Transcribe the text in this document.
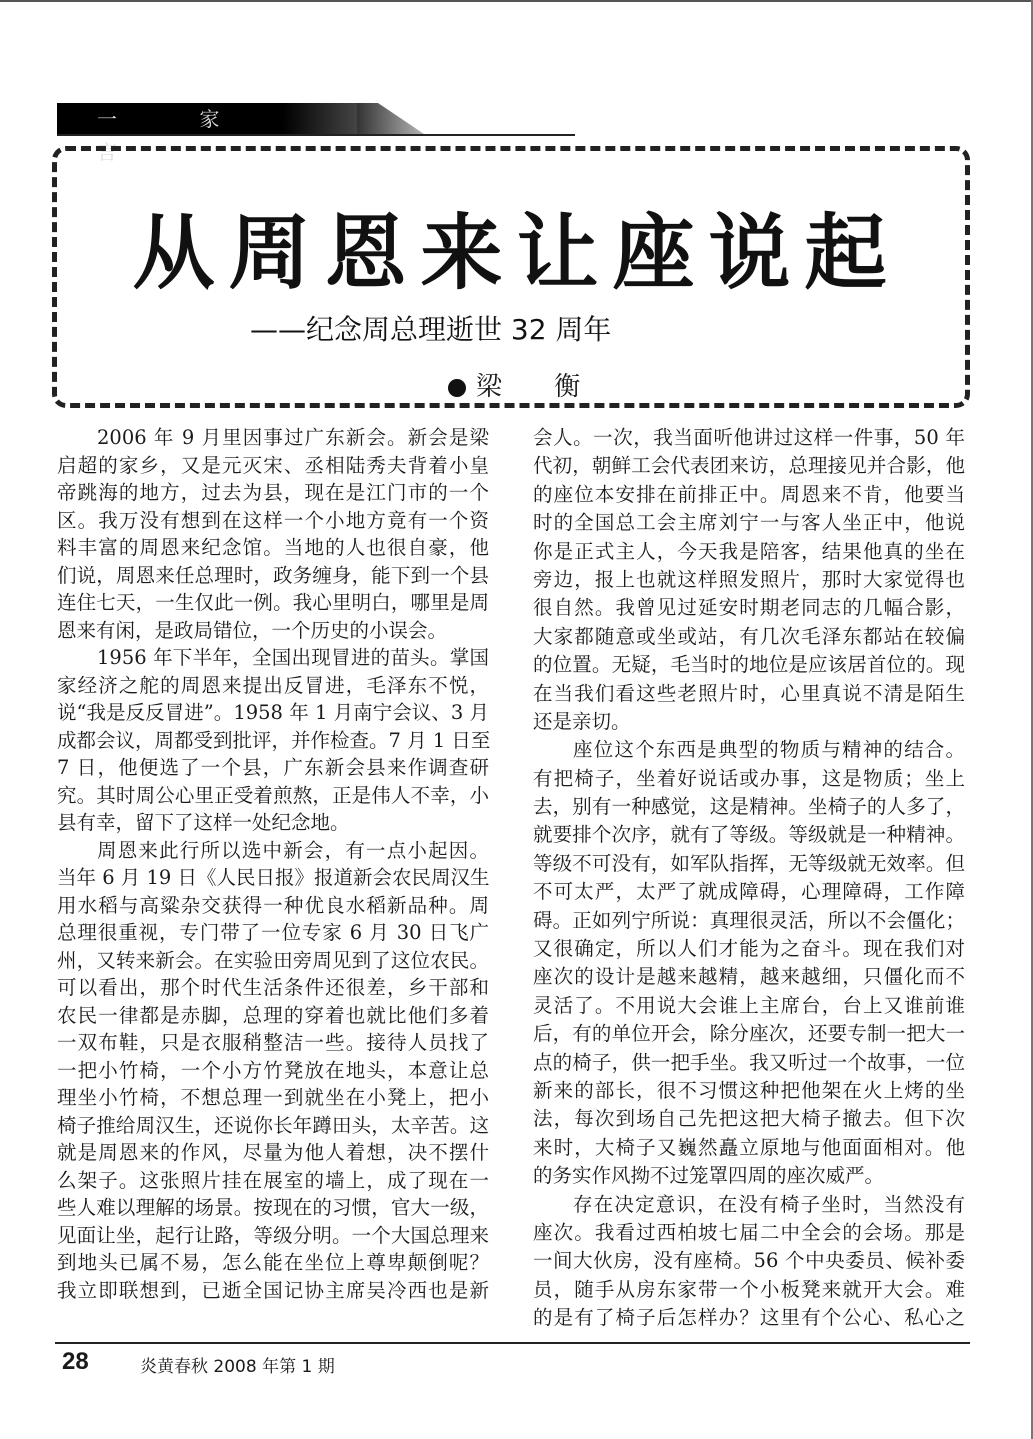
一 家 言
从周恩来让座说起
——纪念周总理逝世 32 周年
梁 衡
2006 年 9 月里因事过广东新会。新会是梁
启超的家乡，又是元灭宋、丞相陆秀夫背着小皇
帝跳海的地方，过去为县，现在是江门市的一个
区。我万没有想到在这样一个小地方竟有一个资
料丰富的周恩来纪念馆。当地的人也很自豪，他
们说，周恩来任总理时，政务缠身，能下到一个县
连住七天，一生仅此一例。我心里明白，哪里是周
恩来有闲，是政局错位，一个历史的小误会。
1956 年下半年，全国出现冒进的苗头。掌国
家经济之舵的周恩来提出反冒进，毛泽东不悦，
说“我是反反冒进”。1958 年 1 月南宁会议、3 月
成都会议，周都受到批评，并作检查。7 月 1 日至
7 日，他便选了一个县，广东新会县来作调查研
究。其时周公心里正受着煎熬，正是伟人不幸，小
县有幸，留下了这样一处纪念地。
周恩来此行所以选中新会，有一点小起因。
当年 6 月 19 日《人民日报》报道新会农民周汉生
用水稻与高粱杂交获得一种优良水稻新品种。周
总理很重视，专门带了一位专家 6 月 30 日飞广
州，又转来新会。在实验田旁周见到了这位农民。
可以看出，那个时代生活条件还很差，乡干部和
农民一律都是赤脚，总理的穿着也就比他们多着
一双布鞋，只是衣服稍整洁一些。接待人员找了
一把小竹椅，一个小方竹凳放在地头，本意让总
理坐小竹椅，不想总理一到就坐在小凳上，把小
椅子推给周汉生，还说你长年蹲田头，太辛苦。这
就是周恩来的作风，尽量为他人着想，决不摆什
么架子。这张照片挂在展室的墙上，成了现在一
些人难以理解的场景。按现在的习惯，官大一级，
见面让坐，起行让路，等级分明。一个大国总理来
到地头已属不易，怎么能在坐位上尊卑颠倒呢？
我立即联想到，已逝全国记协主席吴冷西也是新
会人。一次，我当面听他讲过这样一件事，50 年
代初，朝鲜工会代表团来访，总理接见并合影，他
的座位本安排在前排正中。周恩来不肯，他要当
时的全国总工会主席刘宁一与客人坐正中，他说
你是正式主人，今天我是陪客，结果他真的坐在
旁边，报上也就这样照发照片，那时大家觉得也
很自然。我曾见过延安时期老同志的几幅合影，
大家都随意或坐或站，有几次毛泽东都站在较偏
的位置。无疑，毛当时的地位是应该居首位的。现
在当我们看这些老照片时，心里真说不清是陌生
还是亲切。
座位这个东西是典型的物质与精神的结合。
有把椅子，坐着好说话或办事，这是物质；坐上
去，别有一种感觉，这是精神。坐椅子的人多了，
就要排个次序，就有了等级。等级就是一种精神。
等级不可没有，如军队指挥，无等级就无效率。但
不可太严，太严了就成障碍，心理障碍，工作障
碍。正如列宁所说：真理很灵活，所以不会僵化；
又很确定，所以人们才能为之奋斗。现在我们对
座次的设计是越来越精，越来越细，只僵化而不
灵活了。不用说大会谁上主席台，台上又谁前谁
后，有的单位开会，除分座次，还要专制一把大一
点的椅子，供一把手坐。我又听过一个故事，一位
新来的部长，很不习惯这种把他架在火上烤的坐
法，每次到场自己先把这把大椅子撤去。但下次
来时，大椅子又巍然矗立原地与他面面相对。他
的务实作风拗不过笼罩四周的座次威严。
存在决定意识，在没有椅子坐时，当然没有
座次。我看过西柏坡七届二中全会的会场。那是
一间大伙房，没有座椅。56 个中央委员、候补委
员，随手从房东家带一个小板凳来就开大会。难
的是有了椅子后怎样办？这里有个公心、私心之
28	炎黄春秋 2008 年第 1 期
